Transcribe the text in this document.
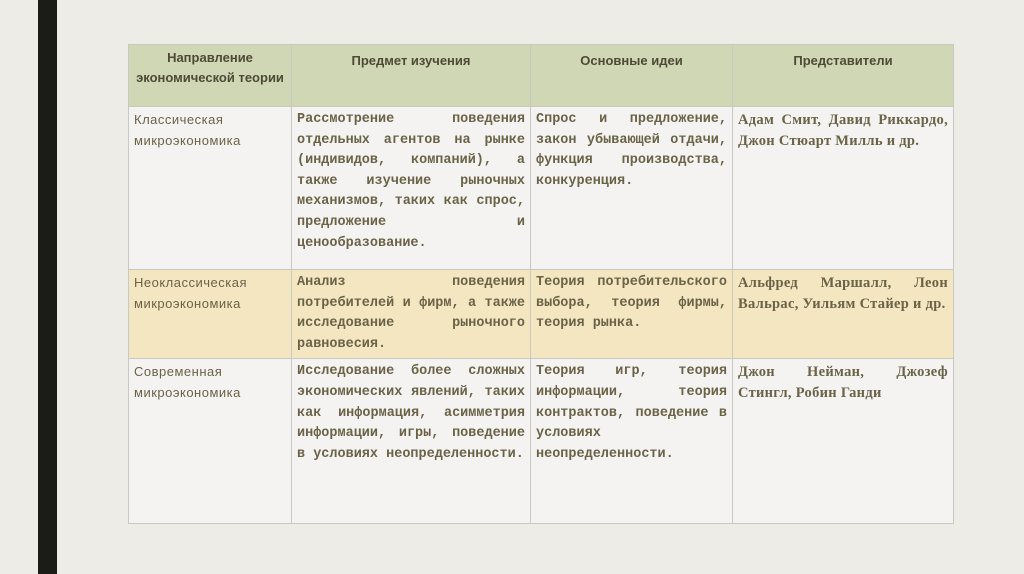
Направление экономической теории	Предмет изучения	Основные идеи	Представители
Классическая микроэкономика	Рассмотрение поведения отдельных агентов на рынке (индивидов, компаний), а также изучение рыночных механизмов, таких как спрос, предложение и ценообразование.	Спрос и предложение, закон убывающей отдачи, функция производства, конкуренция.	Адам Смит, Давид Риккардо, Джон Стюарт Милль и др.
Неоклассическая микроэкономика	Анализ поведения потребителей и фирм, а также исследование рыночного равновесия.	Теория потребительского выбора, теория фирмы, теория рынка.	Альфред Маршалл, Леон Вальрас, Уильям Стайер и др.
Современная микроэкономика	Исследование более сложных экономических явлений, таких как информация, асимметрия информации, игры, поведение в условиях неопределенности.	Теория игр, теория информации, теория контрактов, поведение в условиях неопределенности.	Джон Нейман, Джозеф Стингл, Робин Ганди
